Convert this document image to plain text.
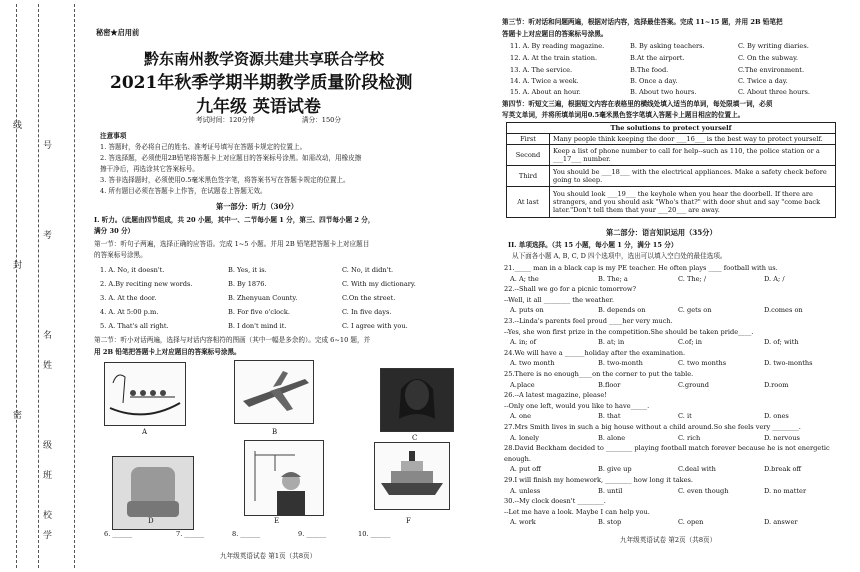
线
号
封
考
名
姓
密
级
班
校
学
秘密★启用前
黔东南州教学资源共建共享联合学校
2021年秋季学期半期教学质量阶段检测
九年级 英语试卷
考试时间：120分钟	满分：150分
注意事项
1. 答题时，务必将自己的姓名、准考证号填写在答题卡规定的位置上。
2. 答选择题，必须使用2B铅笔将答题卡上对应题目的答案标号涂黑。如需改动，用橡皮擦
擦干净后，再选涂其它答案标号。
3. 答非选择题时，必须使用0.5毫米黑色签字笔，将答案书写在答题卡规定的位置上。
4. 所有题目必须在答题卡上作答，在试题卷上答题无效。
第一部分：听力（30分）
I. 听力。（此题由四节组成，共 20 小题，其中一、二节每小题 1 分，第三、四节每小题 2 分，
满分 30 分）
第一节：听句子两遍，选择正确的应答语。完成 1~5 小题。并用 2B 铅笔把答题卡上对应题目
的答案标号涂黑。
1. A. No, it doesn't.	B. Yes, it is.	C. No, it didn't.
2. A.By reciting new words.	B. By 1876.	C. With my dictionary.
3. A. At the door.	B. Zhenyuan County.	C.On the street.
4. A. At 5:00 p.m.	B. For five o'clock.	C. In five days.
5. A. That's all right.	B. I don't mind it.	C. I agree with you.
第二节：听小对话两遍，选择与对话内容相符的图画（其中一幅是多余的）。完成 6~10 题，并
用 2B 铅笔把答题卡上对应题目的答案标号涂黑。
A	B
C
D	E	F
6. ______	7. ______	8. ______	9. ______	10. ______
九年级英语试卷 第1页（共8页）
第三节：听对话和问题两遍，根据对话内容，选择最佳答案。完成 11~15 题，并用 2B 铅笔把
答题卡上对应题目的答案标号涂黑。
11. A. By reading magazine.	B. By asking teachers.	C. By writing diaries.
12. A. At the train station.	B.At the airport.	C. On the subway.
13. A. The service.	B.The food.	C.The environment.
14. A. Twice a week.	B. Once a day.	C. Twice a day.
15. A. About an hour.	B. About two hours.	C. About three hours.
第四节：听短文三遍，根据短文内容在表格里的横线处填入适当的单词，每处限填一词，必须
写英文单词，并将所填单词用0.5毫米黑色签字笔填入答题卡上题目相应的位置上。
The solutions to protect yourself	
First	Many people think keeping the door ___16___ is the best way to protect yourself.
Second	Keep a list of phone number to call for help--such as 110, the police station or a ___17___ number.
Third	You should be ___18___ with the electrical appliances. Make a safety check before going to sleep.
At last	You should look ___19___ the keyhole when you hear the doorbell. If there are strangers, and you should ask "Who's that?" with door shut and say "come back later."Don't tell them that your ___20___ are away.
第二部分：语言知识运用（35分）
II. 单项选择。（共 15 小题，每小题 1 分，满分 15 分）
从下面各小题 A, B, C, D 四个选项中，选出可以填入空白处的最佳选项。
21._____ man in a black cap is my PE teacher. He often plays ____ football with us.
A. A; the	B. The; a	C. The; /	D. A; /
22.--Shall we go for a picnic tomorrow?
--Well, it all ________ the weather.
A. puts on	B. depends on	C. gets on	D.comes on
23.--Linda's parents feel proud ____her very much.
--Yes, she won first prize in the competition.She should be taken pride____.
A. in; of	B. at; in	C.of; in	D. of; with
24.We will have a ______holiday after the examination.
A. two month	B. two-month	C. two months	D. two-months
25.There is no enough____on the corner to put the table.
A.place	B.floor	C.ground	D.room
26.--A latest magazine, please!
--Only one left, would you like to have_____.
A. one	B. that	C. it	D. ones
27.Mrs Smith lives in such a big house without a child around.So she feels very ________.
A. lonely	B. alone	C. rich	D. nervous
28.David Beckham decided to ________ playing football match forever because he is not energetic
enough.
A. put off	B. give up	C.deal with	D.break off
29.I will finish my homework, ________ how long it takes.
A. unless	B. until	C. even though	D. no matter
30.--My clock doesn't ________.
--Let me have a look. Maybe I can help you.
A. work	B. stop	C. open	D. answer
九年级英语试卷 第2页（共8页）
